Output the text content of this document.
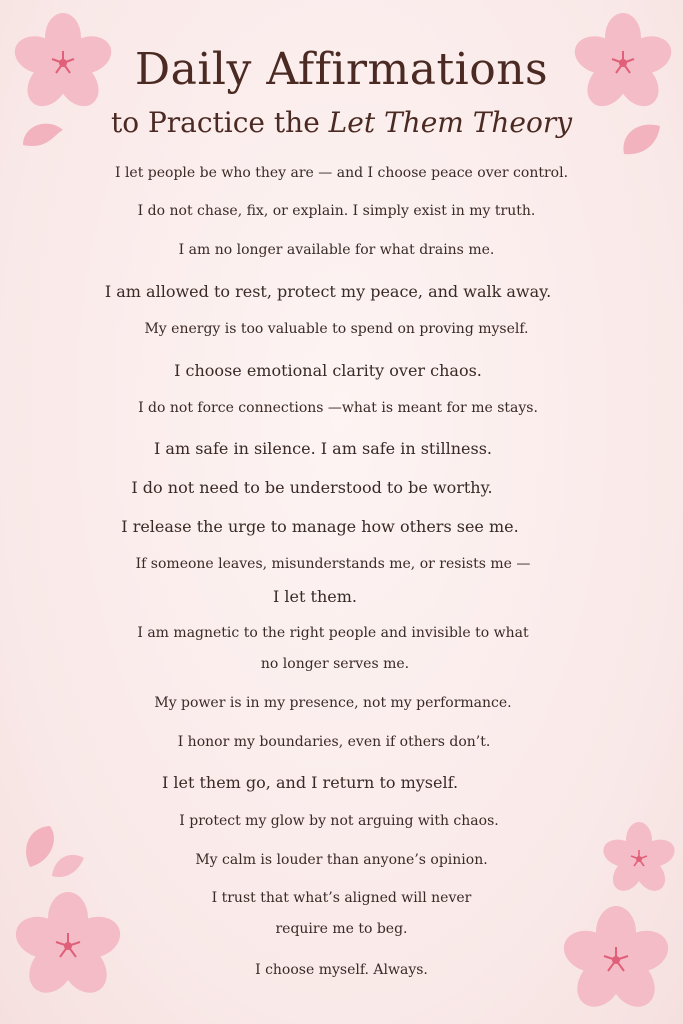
Daily Affirmations
to Practice the Let Them Theory
I let people be who they are — and I choose peace over control.
I do not chase, fix, or explain. I simply exist in my truth.
I am no longer available for what drains me.
I am allowed to rest, protect my peace, and walk away.
My energy is too valuable to spend on proving myself.
I choose emotional clarity over chaos.
I do not force connections —what is meant for me stays.
I am safe in silence. I am safe in stillness.
I do not need to be understood to be worthy.
I release the urge to manage how others see me.
If someone leaves, misunderstands me, or resists me —
I let them.
I am magnetic to the right people and invisible to what
no longer serves me.
My power is in my presence, not my performance.
I honor my boundaries, even if others don’t.
I let them go, and I return to myself.
I protect my glow by not arguing with chaos.
My calm is louder than anyone’s opinion.
I trust that what’s aligned will never
require me to beg.
I choose myself. Always.
